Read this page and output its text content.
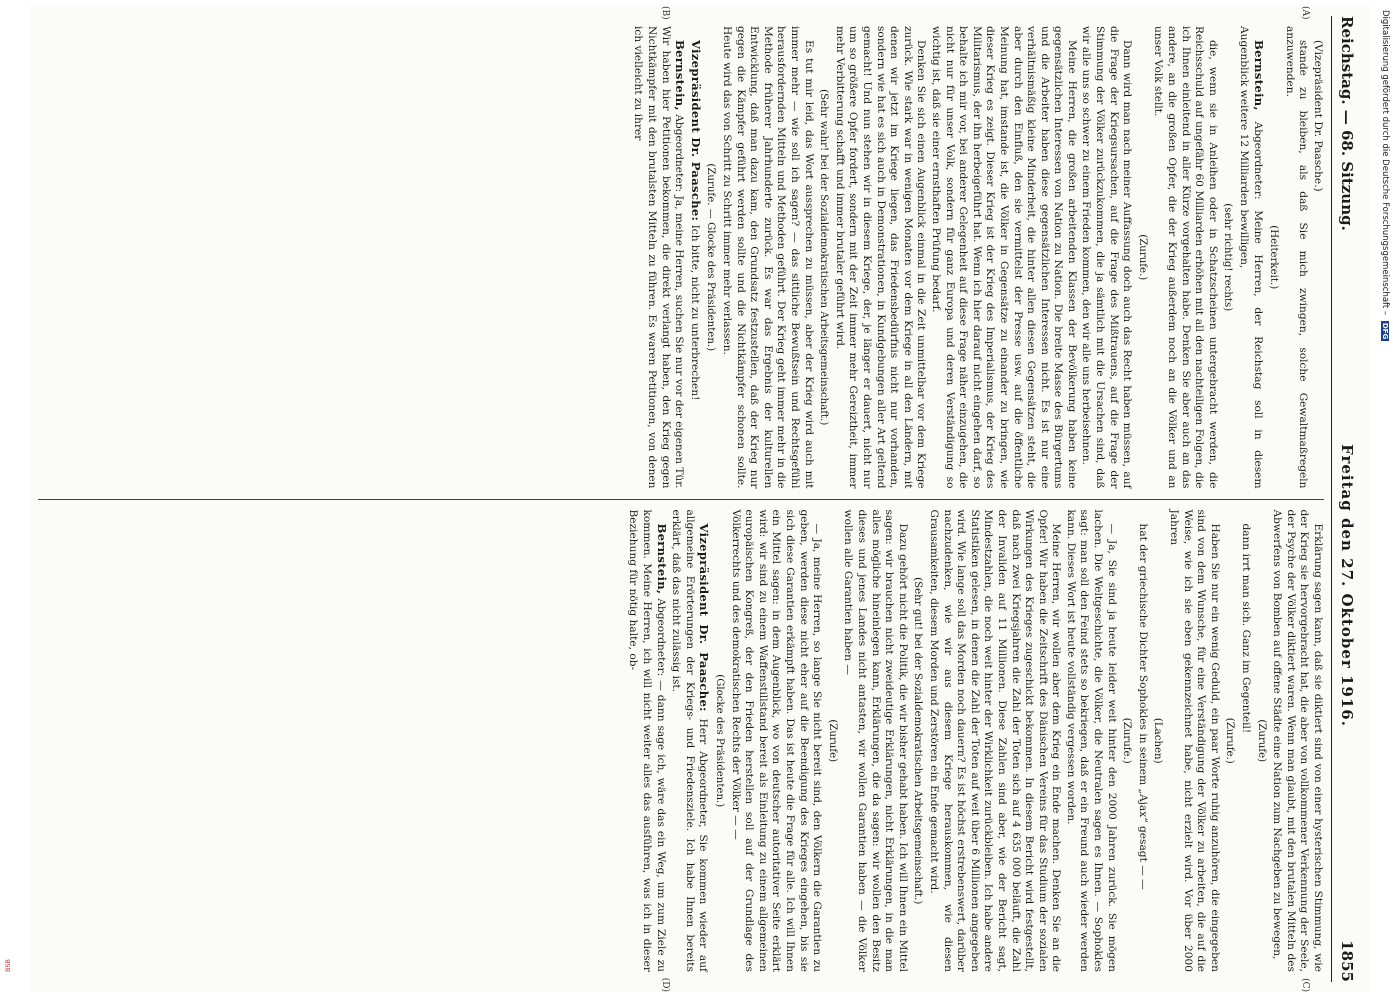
Reichstag. — 68. Sitzung.
Freitag den 27. Oktober 1916.
1855

(Vizepräsident Dr. Paasche.)

stande zu bleiben, als daß Sie mich zwingen, solche Gewaltmaßregeln anzuwenden.

(Heiterkeit.)

Bernstein, Abgeordneter: Meine Herren, der Reichstag soll in diesem Augenblick weitere 12 Milliarden bewilligen,

(sehr richtig! rechts)

die, wenn sie in Anleihen oder in Schatzscheinen untergebracht werden, die Reichsschuld auf ungefähr 60 Milliarden erhöhen mit all den nachteiligen Folgen, die ich Ihnen einleitend in aller Kürze vorgehalten habe. Denken Sie aber auch an das andere, an die großen Opfer, die der Krieg außerdem noch an die Völker und an unser Volk stellt.

(Zurufe.)

Dann wird man nach meiner Auffassung doch auch das Recht haben müssen, auf die Frage der Kriegsursachen, auf die Frage des Mißtrauens, auf die Frage der Stimmung der Völker zurückzukommen, die ja sämtlich mit die Ursachen sind, daß wir alle uns so schwer zu einem Frieden kommen, den wir alle uns herbeisehnen.

Meine Herren, die großen arbeitenden Klassen der Bevölkerung haben keine gegensätzlichen Interessen von Nation zu Nation. Die breite Masse des Bürgertums und die Arbeiter haben diese gegensätzlichen Interessen nicht. Es ist nur eine verhältnismäßig kleine Minderheit, die hinter allen diesen Gegensätzen steht, die aber durch den Einfluß, den sie vermittelst der Presse usw. auf die öffentliche Meinung hat, imstande ist, die Völker in Gegensätze zu einander zu bringen, wie dieser Krieg es zeigt. Dieser Krieg ist der Krieg des Imperialismus, der Krieg des Militarismus, der ihn herbeigeführt hat. Wenn ich hier darauf nicht eingehen darf, so behalte ich mir vor, bei anderer Gelegenheit auf diese Frage näher einzugehen, die nicht nur für unser Volk, sondern für ganz Europa und deren Verständigung so wichtig ist, daß sie einer ernsthaften Prüfung bedarf.

Denken Sie sich einen Augenblick einmal in die Zeit unmittelbar vor dem Kriege zurück. Wie stark war in wenigen Monaten vor dem Kriege in all den Ländern, mit denen wir jetzt im Kriege liegen, das Friedensbedürfnis nicht nur vorhanden, sondern wie hat es sich auch in Demonstrationen, in Kundgebungen aller Art geltend gemacht! Und nun stehen wir in diesem Kriege, der, je länger er dauert, nicht nur um so größere Opfer fordert, sondern mit der Zeit immer mehr Gereiztheit, immer mehr Verbitterung schafft und immer brutaler geführt wird.

(Sehr wahr! bei der Sozialdemokratischen Arbeitsgemeinschaft.)

Es tut mir leid, das Wort aussprechen zu müssen, aber der Krieg wird auch mit immer mehr — wie soll ich sagen? — das sittliche Bewußtsein und Rechtsgefühl herausfordernden Mitteln und Methoden geführt. Der Krieg geht immer mehr in die Methode früherer Jahrhunderte zurück. Es war das Ergebnis der kulturellen Entwicklung, daß man dazu kam, den Grundsatz festzustellen, daß der Krieg nur gegen die Kämpfer geführt werden sollte und die Nichtkämpfer schonen sollte. Heute wird das von Schritt zu Schritt immer mehr verlassen.

(Zurufe. — Glocke des Präsidenten.)

Vizepräsident Dr. Paasche: Ich bitte, nicht zu unterbrechen!

Bernstein, Abgeordneter: Ja, meine Herren, suchen Sie nur vor der eigenen Tür. Wir haben hier Petitionen bekommen, die direkt verlangt haben, den Krieg gegen Nichtkämpfer mit den brutalsten Mitteln zu führen. Es waren Petitionen, von denen ich vielleicht zu ihrer

Erklärung sagen kann, daß sie diktiert sind von einer hysterischen Stimmung, wie der Krieg sie hervorgebracht hat, die aber von vollkommener Verkennung der Seele, der Psyche der Völker diktiert waren. Wenn man glaubt, mit den brutalen Mitteln des Abwerfens von Bomben auf offene Städte eine Nation zum Nachgeben zu bewegen,

(Zurufe)

dann irrt man sich. Ganz im Gegenteil!

(Zurufe.)

Haben Sie nur ein wenig Geduld, ein paar Worte ruhig anzuhören, die eingegeben sind von dem Wunsche, für eine Verständigung der Völker zu arbeiten, die auf die Weise, wie ich sie eben gekennzeichnet habe, nicht erzielt wird. Vor über 2000 Jahren

(Lachen)

hat der griechische Dichter Sophokles in seinem „Ajax“ gesagt — —

(Zurufe.)

— Ja, Sie sind ja heute leider weit hinter den 2000 Jahren zurück. Sie mögen lachen. Die Weltgeschichte, die Völker, die Neutralen sagen es Ihnen. — Sophokles sagt: man soll den Feind stets so bekriegen, daß er ein Freund auch wieder werden kann. Dieses Wort ist heute vollständig vergessen worden.

Meine Herren, wir wollen aber dem Krieg ein Ende machen. Denken Sie an die Opfer! Wir haben die Zeitschrift des Dänischen Vereins für das Studium der sozialen Wirkungen des Krieges zugeschickt bekommen. In diesem Bericht wird festgestellt, daß nach zwei Kriegsjahren die Zahl der Toten sich auf 4 635 000 beläuft, die Zahl der Invaliden auf 11 Millionen. Diese Zahlen sind aber, wie der Bericht sagt, Mindestzahlen, die noch weit hinter der Wirklichkeit zurückbleiben. Ich habe andere Statistiken gelesen, in denen die Zahl der Toten auf weit über 6 Millionen angegeben wird. Wie lange soll das Morden noch dauern? Es ist höchst erstrebenswert, darüber nachzudenken, wie wir aus diesem Kriege herauskommen, wie diesen Grausamkeiten, diesem Morden und Zerstören ein Ende gemacht wird.

(Sehr gut! bei der Sozialdemokratischen Arbeitsgemeinschaft.)

Dazu gehört nicht die Politik, die wir bisher gehabt haben. Ich will Ihnen ein Mittel sagen: wir brauchen nicht zweideutige Erklärungen, nicht Erklärungen, in die man alles mögliche hineinlegen kann, Erklärungen, die da sagen: wir wollen den Besitz dieses und jenes Landes nicht antasten, wir wollen Garantien haben — die Völker wollen alle Garantien haben —

(Zurufe)

— Ja, meine Herren, so lange Sie nicht bereit sind, den Völkern die Garantien zu geben, werden diese nicht eher auf die Beendigung des Krieges eingehen, bis sie sich diese Garantien erkämpft haben. Das ist heute die Frage für alle. Ich will Ihnen ein Mittel sagen: in dem Augenblick, wo von deutscher autoritativer Seite erklärt wird: wir sind zu einem Waffenstillstand bereit als Einleitung zu einem allgemeinen europäischen Kongreß, der den Frieden herstellen soll auf der Grundlage des Völkerrechts und des demokratischen Rechts der Völker — —

(Glocke des Präsidenten.)

Vizepräsident Dr. Paasche: Herr Abgeordneter, Sie kommen wieder auf allgemeine Erörterungen der Kriegs- und Friedensziele. Ich habe Ihnen bereits erklärt, daß das nicht zulässig ist.

Bernstein, Abgeordneter: — dann sage ich, wäre das ein Weg, um zum Ziele zu kommen. Meine Herren, ich will nicht weiter alles das ausführen, was ich in dieser Beziehung für nötig halte, ob-

(A)
(B)
(C)
(D)
Digitalisierung gefördert durch die Deutsche Forschungsgemeinschaft – DFG
BSB
